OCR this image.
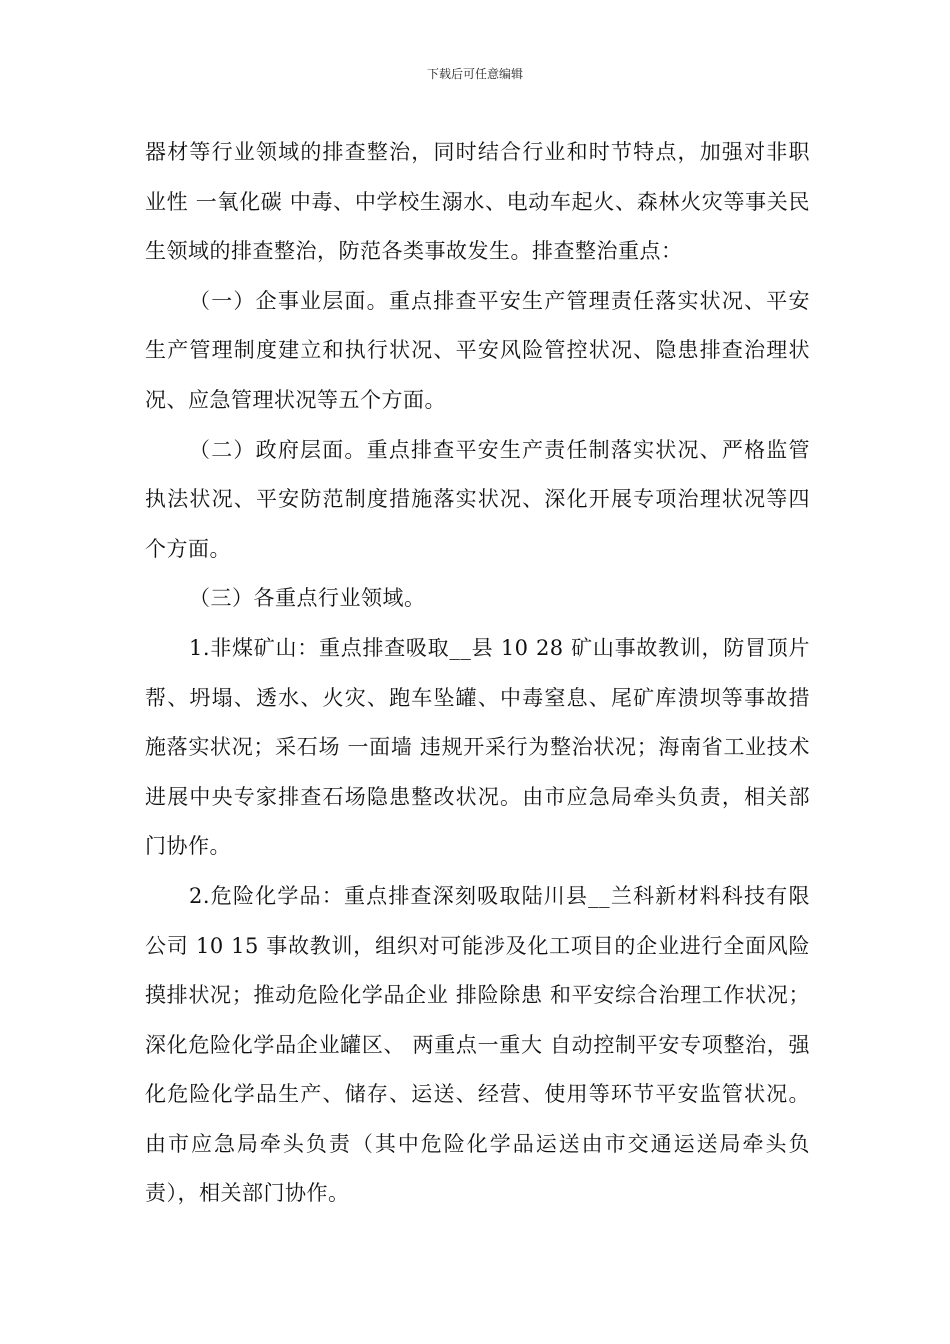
下载后可任意编辑

器材等行业领域的排查整治，同时结合行业和时节特点，加强对非职业性 一氧化碳 中毒、中学校生溺水、电动车起火、森林火灾等事关民生领域的排查整治，防范各类事故发生。排查整治重点：

（一）企事业层面。重点排查平安生产管理责任落实状况、平安生产管理制度建立和执行状况、平安风险管控状况、隐患排查治理状况、应急管理状况等五个方面。

（二）政府层面。重点排查平安生产责任制落实状况、严格监管执法状况、平安防范制度措施落实状况、深化开展专项治理状况等四个方面。

（三）各重点行业领域。

1.非煤矿山：重点排查吸取__县 10 28 矿山事故教训，防冒顶片帮、坍塌、透水、火灾、跑车坠罐、中毒窒息、尾矿库溃坝等事故措施落实状况；采石场 一面墙 违规开采行为整治状况；海南省工业技术进展中央专家排查石场隐患整改状况。由市应急局牵头负责，相关部门协作。

2.危险化学品：重点排查深刻吸取陆川县__兰科新材料科技有限公司 10 15 事故教训，组织对可能涉及化工项目的企业进行全面风险摸排状况；推动危险化学品企业 排险除患 和平安综合治理工作状况；深化危险化学品企业罐区、 两重点一重大 自动控制平安专项整治，强化危险化学品生产、储存、运送、经营、使用等环节平安监管状况。由市应急局牵头负责（其中危险化学品运送由市交通运送局牵头负责），相关部门协作。
